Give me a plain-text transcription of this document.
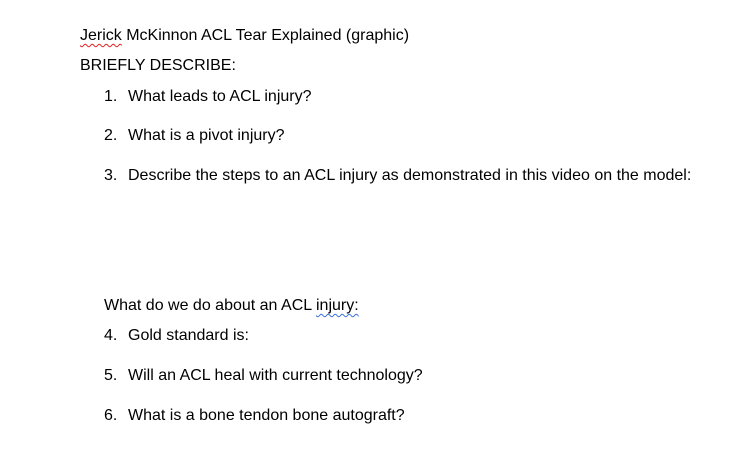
Jerick McKinnon ACL Tear Explained (graphic)
BRIEFLY DESCRIBE:
1. What leads to ACL injury?
2. What is a pivot injury?
3. Describe the steps to an ACL injury as demonstrated in this video on the model:
What do we do about an ACL injury:
4. Gold standard is:
5. Will an ACL heal with current technology?
6. What is a bone tendon bone autograft?
